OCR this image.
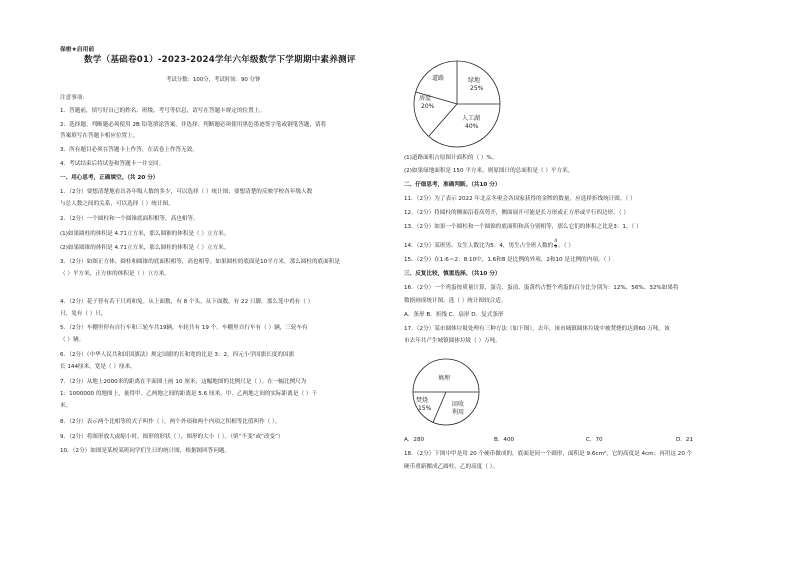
保密★启用前
数学（基础卷01）-2023-2024学年六年级数学下学期期中素养测评
考试分数：100分，考试时间：90 分钟
注意事项：
1．答题前，填写好自己的姓名、班级、考号等信息，请写在答题卡规定的位置上。
2．选择题、判断题必须使用 2B 铅笔填涂答案，非选择、判断题必须使用黑色墨迹签字笔或钢笔答题，请将
答案填写在答题卡相应位置上。
3．所有题目必须在答题卡上作答，在试卷上作答无效。
4．考试结束后将试卷和答题卡一并交回。
一、用心思考，正确填空。（共 20 分）
1．（2分）要想清楚地看出各年级人数的多少，可以选择（ ）统计图；要想清楚的反映学校各年级人数
与总人数之间的关系，可以选择（ ）统计图。
2．（2分）一个圆柱和一个圆锥底面积相等，高也相等。
(1)如果圆柱的体积是 4.71立方米，那么圆锥的体积是（ ）立方米。
(2)如果圆锥的体积是 4.71立方米，那么圆柱的体积是（ ）立方米。
3．（2分）如图正方体、圆柱和圆锥的底面积相等，高也相等。如果圆柱的底面是10平方米，那么圆柱的底面积是
（ ）平方米，正方体的体积是（ ）立方米。
4．（2分）花子智有若干只鸡和兔。从上面数，有 8 个头，从下面数，有 22 只脚。那么笼中鸡有（ ）
只，兔有（ ）只。
5．（2分）车棚里停有自行车和三轮车共19辆，车轮共有 19 个。车棚里自行车有（ ）辆，三轮车有
（ ）辆。
6．（2分）《中华人民共和国国旗法》规定国旗的长和宽的比是 3：2，四元小学国旗长度的国旗
长 144厘米，宽是（ ）厘米。
7．（2分）从地上2000米的距离在平面图上画 10 厘米，这幅地图的比例尺是（ ）。在一幅比例尺为
1：1000000 的地图上，量得甲、乙两地之间的距离是 5.6 厘米，甲、乙两地之间的实际距离是（ ）千
米。
8．（2分）表示两个比相等的式子叫作（ ），两个外项和两个内项之积相等比值叫作（ ）。
9．（2分）将图形放大或缩小时，图形的形状（ ），图形的大小（ ）。（填“不变”或“改变”）
10．（2分）如图是某校某班同学们生日的统计图，根据图回答问题。
道路	绿地
25%
房屋
20%
人工湖
40%
(1)道路面积占原图计面积的（ ）%。
(2)如果绿地面积是 150 平方米，则原图计的总面积是（ ）平方米。
二、仔细思考，准确判断。（共10 分）
11．（2分）为了表示 2022 年北京冬奥会各国家获得的金牌的数量，应选择折线统计图。（ ）
12．（2分）将圆柱的侧面沿着高剪开，侧面展开可能是长方形或正方形或平行四边形。（ ）
13．（2分）如果一个圆柱和一个圆锥的底面积和高分别相等，那么它们的体积之比是3：1。（ ）
14．（2分）某班男、女生人数比为5：4，男生占全班人数的 $\frac{4}{9}$ 。（ ）
15．（2分）在1:6＝2：8:10中，1.6和8 是比例的外项，2和10 是比例的内项。（ ）
三、反复比较，慎重选择。（共10 分）
16．（2分）一个鸡蛋按质量计算，蛋壳、蛋清、蛋黄约占整个鸡蛋的百分比分别为：12%、56%、32%如果将
数据画成统计图，选（ ）统计图较合适。
A．条形 B．折线 C．扇形 D．复式条形
17．（2分）某市圆体垃圾处理有三种方法（如下图），去年，该市城镇圆体垃圾中被焚烧的达到60 万吨。该
市去年共产生城镇圆体垃圾（ ）万吨。
填埋
焚烧
15%
回收
利用
A．280	B．400	C．70	D．21
18．（2分）下图中甲是用 20 个硬币做成的，底面是同一个圆形，面积是 9.6cm²，它的高度是 4cm；再用这 20 个
硬币重新摞成乙圆柱，乙的高度（ ）。
